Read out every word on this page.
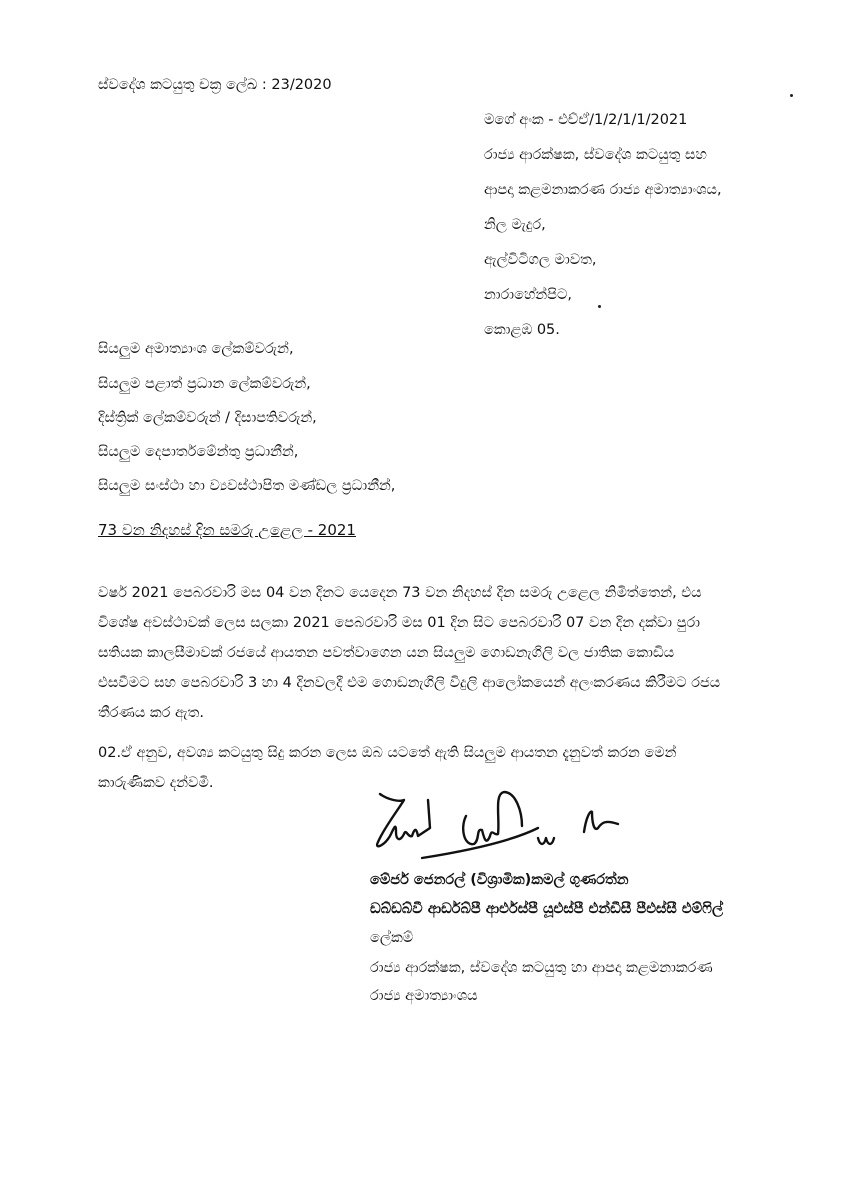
ස්වදේශ කටයුතු චක්‍ර ලේඛ : 23/2020
මගේ අංක - එච්ඒ/1/2/1/1/2021
රාජ්‍ය ආරක්ෂක, ස්වදේශ කටයුතු සහ
ආපදා කළමනාකරණ රාජ්‍ය අමාත්‍යාංශය,
නිල මැදුර,
ඇල්විටිගල මාවත,
නාරාහේන්පිට,
කොළඹ 05.
සියලුම අමාත්‍යාංශ ලේකම්වරුන්,
සියලුම පළාත් ප්‍රධාන ලේකම්වරුන්,
දිස්ත්‍රික් ලේකම්වරුන් / දිසාපතිවරුන්,
සියලුම දෙපාර්තමේන්තු ප්‍රධානීන්,
සියලුම සංස්ථා හා ව්‍යවස්ථාපිත මණ්ඩල ප්‍රධානීන්,
73 වන නිදහස් දින සමරු උළෙල - 2021
වර්ෂ 2021 පෙබරවාරි මස 04 වන දිනට යෙදෙන 73 වන නිදහස් දින සමරු උළෙල නිමිත්තෙන්, එය
විශේෂ අවස්ථාවක් ලෙස සලකා 2021 පෙබරවාරි මස 01 දින සිට පෙබරවාරි 07 වන දින දක්වා පුරා
සතියක කාලසීමාවක් රජයේ ආයතන පවත්වාගෙන යන සියලුම ගොඩනැගිලි වල ජාතික කොඩිය
එසවීමට සහ පෙබරවාරි 3 හා 4 දිනවලදී එම ගොඩනැගිලි විදුලි ආලෝකයෙන් අලංකරණය කිරීමට රජය
තීරණය කර ඇත.
02.ඒ අනුව, අවශ්‍ය කටයුතු සිදු කරන ලෙස ඔබ යටතේ ඇති සියලුම ආයතන දැනුවත් කරන මෙන්
කාරුණිකව දන්වමි.
මේජර් ජෙනරල් (විශ්‍රාමික)කමල් ගුණරත්න
ඩබ්ඩබ්වී ආර්ඩබ්පී ආර්එස්පී යූඑස්පී එන්ඩීසී පීඑස්සී එම්ෆිල්
ලේකම්
රාජ්‍ය ආරක්ෂක, ස්වදේශ කටයුතු හා ආපදා කළමනාකරණ
රාජ්‍ය අමාත්‍යාංශය
